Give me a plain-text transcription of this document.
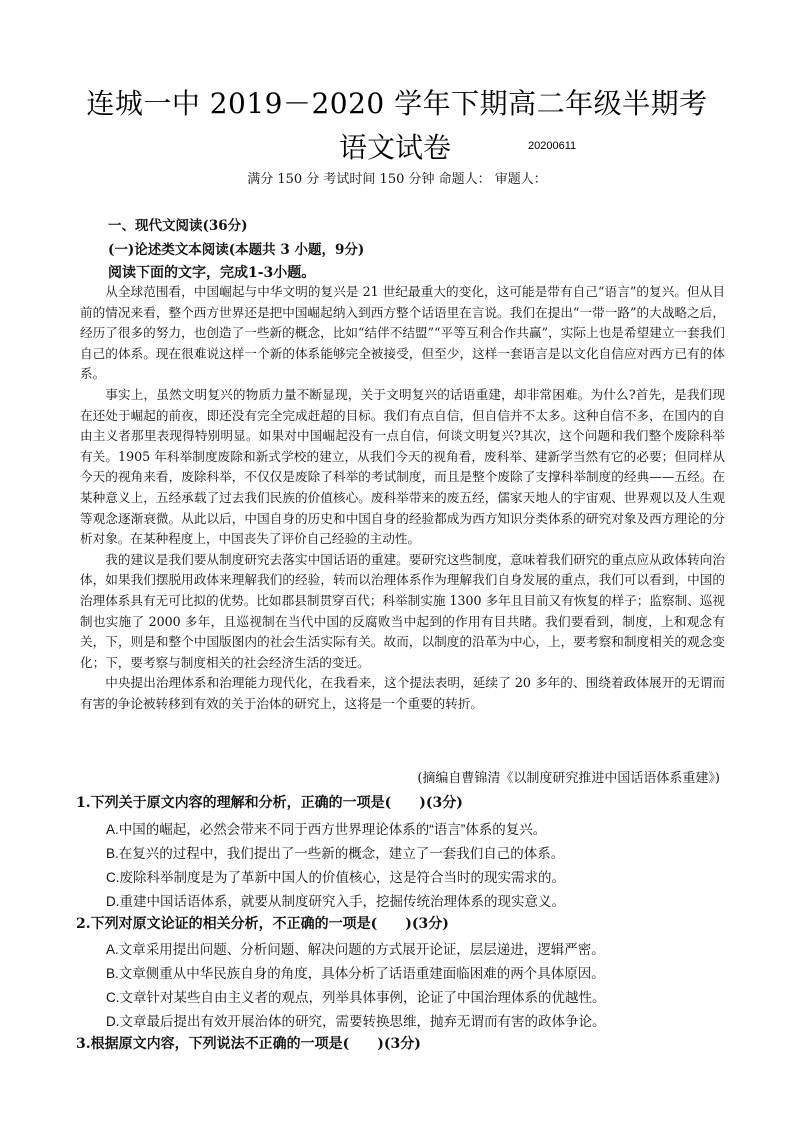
连城一中 2019－2020 学年下期高二年级半期考
语文试卷	20200611
满分 150 分 考试时间 150 分钟 命题人： 审题人：
一、现代文阅读(36分)
(一)论述类文本阅读(本题共 3 小题，9分)
阅读下面的文字，完成1-3小题。

从全球范围看，中国崛起与中华文明的复兴是 21 世纪最重大的变化，这可能是带有自己“语言”的复兴。但从目前的情况来看，整个西方世界还是把中国崛起纳入到西方整个话语里在言说。我们在提出“一带一路”的大战略之后，经历了很多的努力，也创造了一些新的概念，比如“结伴不结盟”“平等互利合作共赢”，实际上也是希望建立一套我们自己的体系。现在很难说这样一个新的体系能够完全被接受，但至少，这样一套语言是以文化自信应对西方已有的体系。

事实上，虽然文明复兴的物质力量不断显现，关于文明复兴的话语重建，却非常困难。为什么?首先，是我们现在还处于崛起的前夜，即还没有完全完成赶超的目标。我们有点自信，但自信并不太多。这种自信不多，在国内的自由主义者那里表现得特别明显。如果对中国崛起没有一点自信，何谈文明复兴?其次，这个问题和我们整个废除科举有关。1905 年科举制度废除和新式学校的建立，从我们今天的视角看，废科举、建新学当然有它的必要；但同样从今天的视角来看，废除科举，不仅仅是废除了科举的考试制度，而且是整个废除了支撑科举制度的经典——五经。在某种意义上，五经承载了过去我们民族的价值核心。废科举带来的废五经，儒家天地人的宇宙观、世界观以及人生观等观念逐渐衰微。从此以后，中国自身的历史和中国自身的经验都成为西方知识分类体系的研究对象及西方理论的分析对象。在某种程度上，中国丧失了评价自己经验的主动性。

我的建议是我们要从制度研究去落实中国话语的重建。要研究这些制度，意味着我们研究的重点应从政体转向治体，如果我们摆脱用政体来理解我们的经验，转而以治理体系作为理解我们自身发展的重点，我们可以看到，中国的治理体系具有无可比拟的优势。比如郡县制贯穿百代；科举制实施 1300 多年且目前又有恢复的样子；监察制、巡视制也实施了 2000 多年，且巡视制在当代中国的反腐败当中起到的作用有目共睹。我们要看到，制度，上和观念有关，下，则是和整个中国版图内的社会生活实际有关。故而，以制度的沿革为中心，上，要考察和制度相关的观念变化；下，要考察与制度相关的社会经济生活的变迁。

中央提出治理体系和治理能力现代化，在我看来，这个提法表明，延续了 20 多年的、围绕着政体展开的无谓而有害的争论被转移到有效的关于治体的研究上，这将是一个重要的转折。

(摘编自曹锦清《以制度研究推进中国话语体系重建》)
1.下列关于原文内容的理解和分析，正确的一项是(　　)(3分)
A.中国的崛起，必然会带来不同于西方世界理论体系的“语言”体系的复兴。
B.在复兴的过程中，我们提出了一些新的概念，建立了一套我们自己的体系。
C.废除科举制度是为了革新中国人的价值核心，这是符合当时的现实需求的。
D.重建中国话语体系，就要从制度研究入手，挖掘传统治理体系的现实意义。
2.下列对原文论证的相关分析，不正确的一项是(　　)(3分)
A.文章采用提出问题、分析问题、解决问题的方式展开论证，层层递进，逻辑严密。
B.文章侧重从中华民族自身的角度，具体分析了话语重建面临困难的两个具体原因。
C.文章针对某些自由主义者的观点，列举具体事例，论证了中国治理体系的优越性。
D.文章最后提出有效开展治体的研究，需要转换思维，抛弃无谓而有害的政体争论。
3.根据原文内容，下列说法不正确的一项是(　　)(3分)
